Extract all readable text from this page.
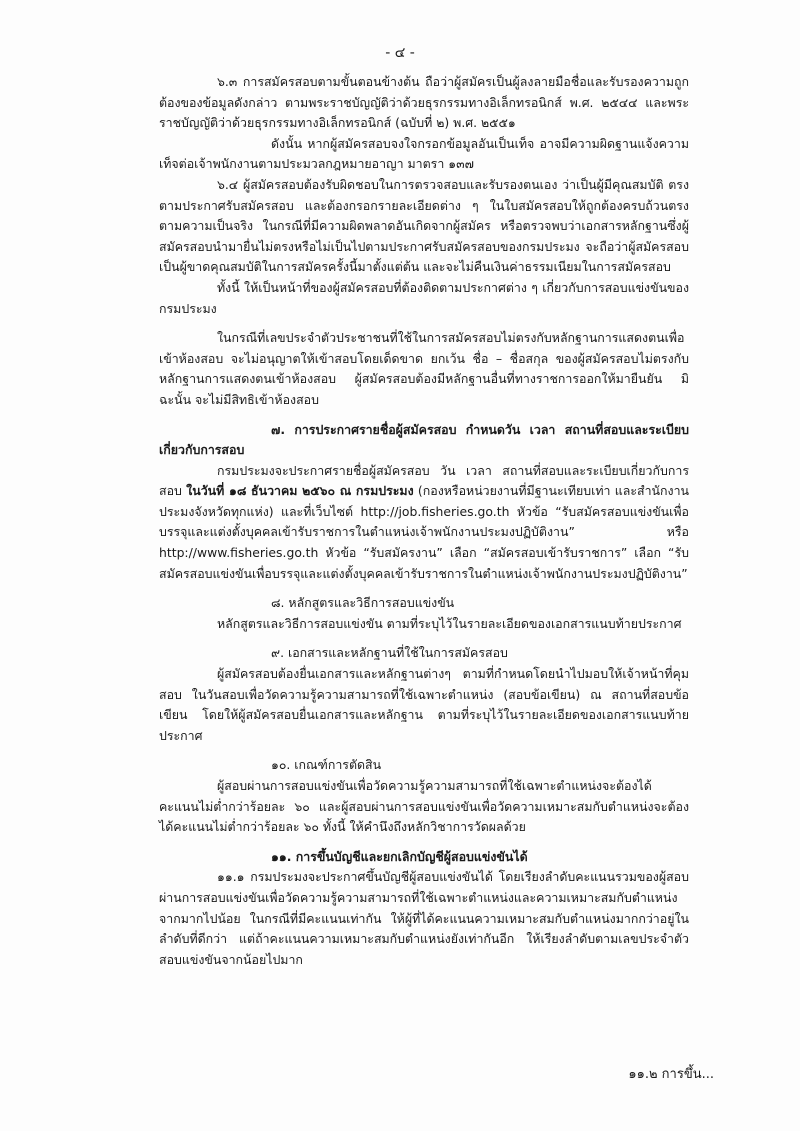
- ๔ -

๖.๓ การสมัครสอบตามขั้นตอนข้างต้น ถือว่าผู้สมัครเป็นผู้ลงลายมือชื่อและรับรองความถูกต้องของข้อมูลดังกล่าว ตามพระราชบัญญัติว่าด้วยธุรกรรมทางอิเล็กทรอนิกส์ พ.ศ. ๒๕๔๔ และพระราชบัญญัติว่าด้วยธุรกรรมทางอิเล็กทรอนิกส์ (ฉบับที่ ๒) พ.ศ. ๒๕๕๑

ดังนั้น หากผู้สมัครสอบจงใจกรอกข้อมูลอันเป็นเท็จ อาจมีความผิดฐานแจ้งความเท็จต่อเจ้าพนักงานตามประมวลกฎหมายอาญา มาตรา ๑๓๗

๖.๔ ผู้สมัครสอบต้องรับผิดชอบในการตรวจสอบและรับรองตนเอง ว่าเป็นผู้มีคุณสมบัติ ตรงตามประกาศรับสมัครสอบ และต้องกรอกรายละเอียดต่าง ๆ ในใบสมัครสอบให้ถูกต้องครบถ้วนตรงตามความเป็นจริง ในกรณีที่มีความผิดพลาดอันเกิดจากผู้สมัคร หรือตรวจพบว่าเอกสารหลักฐานซึ่งผู้สมัครสอบนำมายื่นไม่ตรงหรือไม่เป็นไปตามประกาศรับสมัครสอบของกรมประมง จะถือว่าผู้สมัครสอบเป็นผู้ขาดคุณสมบัติในการสมัครครั้งนี้มาตั้งแต่ต้น และจะไม่คืนเงินค่าธรรมเนียมในการสมัครสอบ

ทั้งนี้ ให้เป็นหน้าที่ของผู้สมัครสอบที่ต้องติดตามประกาศต่าง ๆ เกี่ยวกับการสอบแข่งขันของกรมประมง

ในกรณีที่เลขประจำตัวประชาชนที่ใช้ในการสมัครสอบไม่ตรงกับหลักฐานการแสดงตนเพื่อเข้าห้องสอบ จะไม่อนุญาตให้เข้าสอบโดยเด็ดขาด ยกเว้น ชื่อ – ชื่อสกุล ของผู้สมัครสอบไม่ตรงกับหลักฐานการแสดงตนเข้าห้องสอบ ผู้สมัครสอบต้องมีหลักฐานอื่นที่ทางราชการออกให้มายืนยัน มิฉะนั้น จะไม่มีสิทธิเข้าห้องสอบ

๗. การประกาศรายชื่อผู้สมัครสอบ กำหนดวัน เวลา สถานที่สอบและระเบียบเกี่ยวกับการสอบ

กรมประมงจะประกาศรายชื่อผู้สมัครสอบ วัน เวลา สถานที่สอบและระเบียบเกี่ยวกับการสอบ ในวันที่ ๑๘ ธันวาคม ๒๕๖๐ ณ กรมประมง (กองหรือหน่วยงานที่มีฐานะเทียบเท่า และสำนักงานประมงจังหวัดทุกแห่ง) และที่เว็บไซต์ http://job.fisheries.go.th หัวข้อ “รับสมัครสอบแข่งขันเพื่อบรรจุและแต่งตั้งบุคคลเข้ารับราชการในตำแหน่งเจ้าพนักงานประมงปฏิบัติงาน” หรือ http://www.fisheries.go.th หัวข้อ “รับสมัครงาน” เลือก “สมัครสอบเข้ารับราชการ” เลือก “รับสมัครสอบแข่งขันเพื่อบรรจุและแต่งตั้งบุคคลเข้ารับราชการในตำแหน่งเจ้าพนักงานประมงปฏิบัติงาน”

๘. หลักสูตรและวิธีการสอบแข่งขัน

หลักสูตรและวิธีการสอบแข่งขัน ตามที่ระบุไว้ในรายละเอียดของเอกสารแนบท้ายประกาศ

๙. เอกสารและหลักฐานที่ใช้ในการสมัครสอบ

ผู้สมัครสอบต้องยื่นเอกสารและหลักฐานต่างๆ ตามที่กำหนดโดยนำไปมอบให้เจ้าหน้าที่คุมสอบ ในวันสอบเพื่อวัดความรู้ความสามารถที่ใช้เฉพาะตำแหน่ง (สอบข้อเขียน) ณ สถานที่สอบข้อเขียน โดยให้ผู้สมัครสอบยื่นเอกสารและหลักฐาน ตามที่ระบุไว้ในรายละเอียดของเอกสารแนบท้ายประกาศ

๑๐. เกณฑ์การตัดสิน

ผู้สอบผ่านการสอบแข่งขันเพื่อวัดความรู้ความสามารถที่ใช้เฉพาะตำแหน่งจะต้องได้คะแนนไม่ต่ำกว่าร้อยละ ๖๐ และผู้สอบผ่านการสอบแข่งขันเพื่อวัดความเหมาะสมกับตำแหน่งจะต้องได้คะแนนไม่ต่ำกว่าร้อยละ ๖๐ ทั้งนี้ ให้คำนึงถึงหลักวิชาการวัดผลด้วย

๑๑. การขึ้นบัญชีและยกเลิกบัญชีผู้สอบแข่งขันได้

๑๑.๑ กรมประมงจะประกาศขึ้นบัญชีผู้สอบแข่งขันได้ โดยเรียงลำดับคะแนนรวมของผู้สอบผ่านการสอบแข่งขันเพื่อวัดความรู้ความสามารถที่ใช้เฉพาะตำแหน่งและความเหมาะสมกับตำแหน่งจากมากไปน้อย ในกรณีที่มีคะแนนเท่ากัน ให้ผู้ที่ได้คะแนนความเหมาะสมกับตำแหน่งมากกว่าอยู่ในลำดับที่ดีกว่า แต่ถ้าคะแนนความเหมาะสมกับตำแหน่งยังเท่ากันอีก ให้เรียงลำดับตามเลขประจำตัวสอบแข่งขันจากน้อยไปมาก

๑๑.๒ การขึ้น...
